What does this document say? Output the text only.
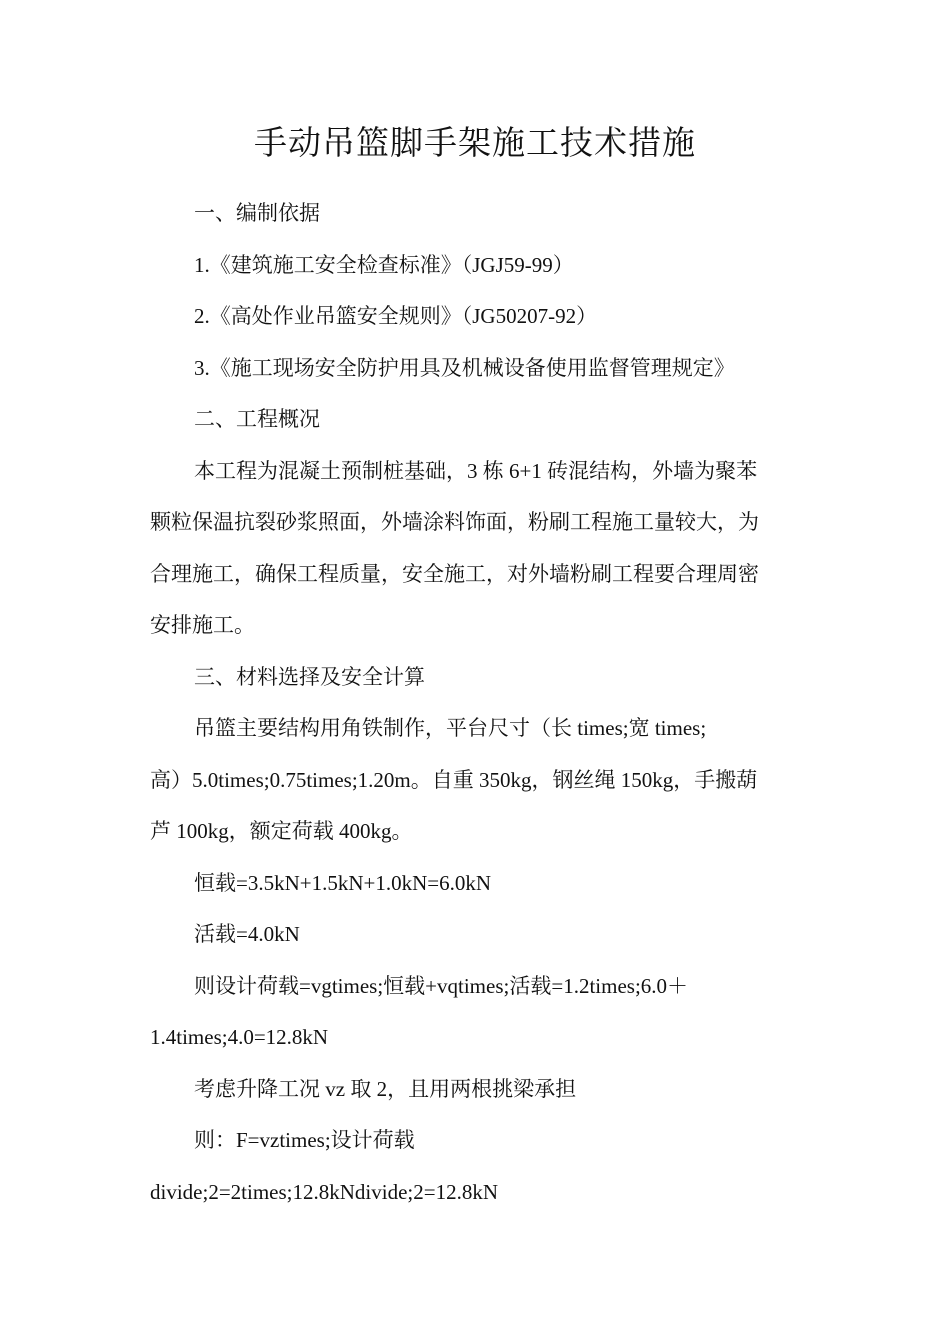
手动吊篮脚手架施工技术措施
一、编制依据
1.《建筑施工安全检查标准》（JGJ59-99）
2.《高处作业吊篮安全规则》（JG50207-92）
3.《施工现场安全防护用具及机械设备使用监督管理规定》
二、工程概况
本工程为混凝土预制桩基础，3 栋 6+1 砖混结构，外墙为聚苯
颗粒保温抗裂砂浆照面，外墙涂料饰面，粉刷工程施工量较大，为
合理施工，确保工程质量，安全施工，对外墙粉刷工程要合理周密
安排施工。
三、材料选择及安全计算
吊篮主要结构用角铁制作，平台尺寸（长 times;宽 times;
高）5.0times;0.75times;1.20m。自重 350kg，钢丝绳 150kg，手搬葫
芦 100kg，额定荷载 400kg。
恒载=3.5kN+1.5kN+1.0kN=6.0kN
活载=4.0kN
则设计荷载=vgtimes;恒载+vqtimes;活载=1.2times;6.0＋
1.4times;4.0=12.8kN
考虑升降工况 vz 取 2，且用两根挑梁承担
则：F=vztimes;设计荷载
divide;2=2times;12.8kNdivide;2=12.8kN
